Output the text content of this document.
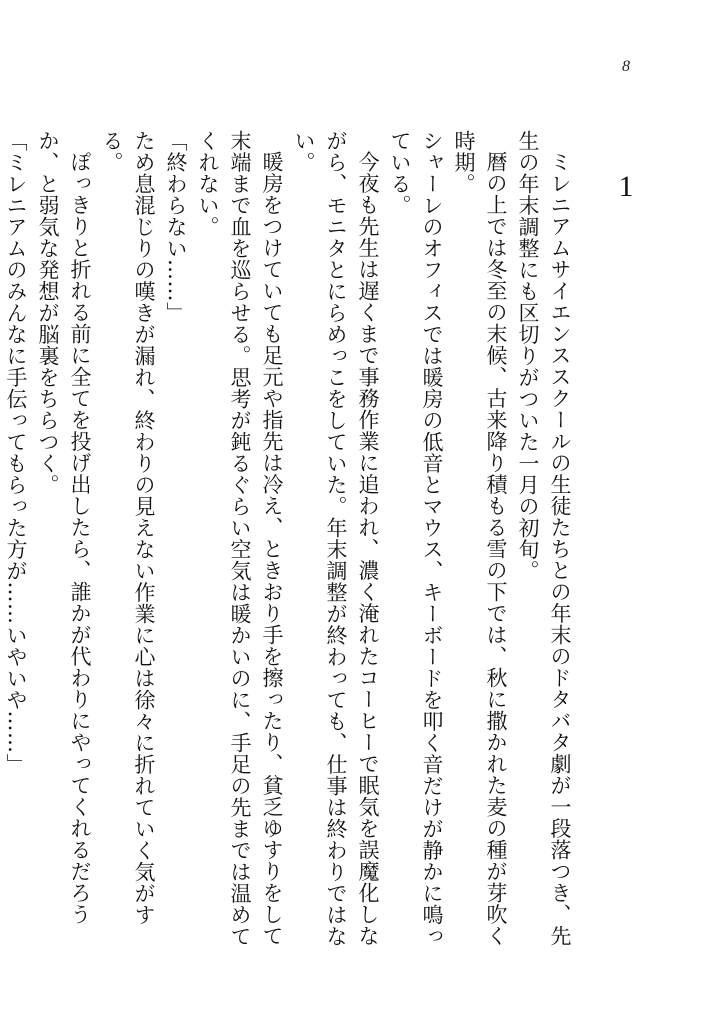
8
1

ミレニアムサイエンススクールの生徒たちとの年末のドタバタ劇が一段落つき、先生の年末調整にも区切りがついた一月の初旬。

暦の上では冬至の末候、古来降り積もる雪の下では、秋に撒かれた麦の種が芽吹く時期。

シャーレのオフィスでは暖房の低音とマウス、キーボードを叩く音だけが静かに鳴っている。

今夜も先生は遅くまで事務作業に追われ、濃く淹れたコーヒーで眠気を誤魔化しながら、モニタとにらめっこをしていた。年末調整が終わっても、仕事は終わりではない。

暖房をつけていても足元や指先は冷え、ときおり手を擦ったり、貧乏ゆすりをして末端まで血を巡らせる。思考が鈍るぐらい空気は暖かいのに、手足の先までは温めてくれない。

「終わらない……」

ため息混じりの嘆きが漏れ、終わりの見えない作業に心は徐々に折れていく気がする。

ぽっきりと折れる前に全てを投げ出したら、誰かが代わりにやってくれるだろうか、と弱気な発想が脳裏をちらつく。

「ミレニアムのみんなに手伝ってもらった方が……いやいや……」
